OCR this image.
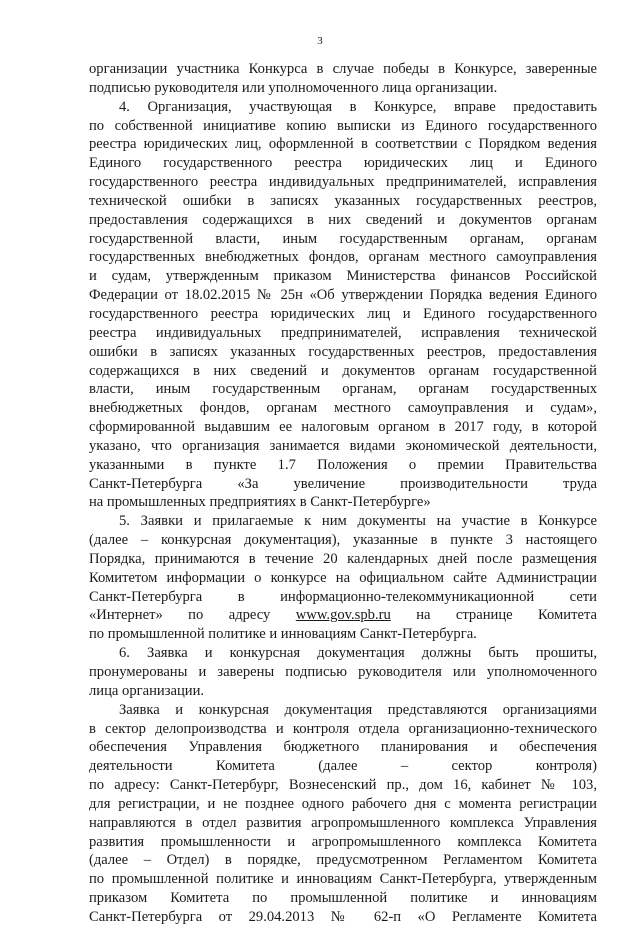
3
организации участника Конкурса в случае победы в Конкурсе, заверенные
подписью руководителя или уполномоченного лица организации.
4. Организация, участвующая в Конкурсе, вправе предоставить
по собственной инициативе копию выписки из Единого государственного
реестра юридических лиц, оформленной в соответствии с Порядком ведения
Единого государственного реестра юридических лиц и Единого
государственного реестра индивидуальных предпринимателей, исправления
технической ошибки в записях указанных государственных реестров,
предоставления содержащихся в них сведений и документов органам
государственной власти, иным государственным органам, органам
государственных внебюджетных фондов, органам местного самоуправления
и судам, утвержденным приказом Министерства финансов Российской
Федерации от 18.02.2015 № 25н «Об утверждении Порядка ведения Единого
государственного реестра юридических лиц и Единого государственного
реестра индивидуальных предпринимателей, исправления технической
ошибки в записях указанных государственных реестров, предоставления
содержащихся в них сведений и документов органам государственной
власти, иным государственным органам, органам государственных
внебюджетных фондов, органам местного самоуправления и судам»,
сформированной выдавшим ее налоговым органом в 2017 году, в которой
указано, что организация занимается видами экономической деятельности,
указанными в пункте 1.7 Положения о премии Правительства
Санкт-Петербурга «За увеличение производительности труда
на промышленных предприятиях в Санкт-Петербурге»
5. Заявки и прилагаемые к ним документы на участие в Конкурсе
(далее – конкурсная документация), указанные в пункте 3 настоящего
Порядка, принимаются в течение 20 календарных дней после размещения
Комитетом информации о конкурсе на официальном сайте Администрации
Санкт-Петербурга в информационно-телекоммуникационной сети
«Интернет» по адресу www.gov.spb.ru на странице Комитета
по промышленной политике и инновациям Санкт-Петербурга.
6. Заявка и конкурсная документация должны быть прошиты,
пронумерованы и заверены подписью руководителя или уполномоченного
лица организации.
Заявка и конкурсная документация представляются организациями
в сектор делопроизводства и контроля отдела организационно-технического
обеспечения Управления бюджетного планирования и обеспечения
деятельности Комитета (далее – сектор контроля)
по адресу: Санкт-Петербург, Вознесенский пр., дом 16, кабинет № 103,
для регистрации, и не позднее одного рабочего дня с момента регистрации
направляются в отдел развития агропромышленного комплекса Управления
развития промышленности и агропромышленного комплекса Комитета
(далее – Отдел) в порядке, предусмотренном Регламентом Комитета
по промышленной политике и инновациям Санкт-Петербурга, утвержденным
приказом Комитета по промышленной политике и инновациям
Санкт-Петербурга от 29.04.2013 № 62-п «О Регламенте Комитета
